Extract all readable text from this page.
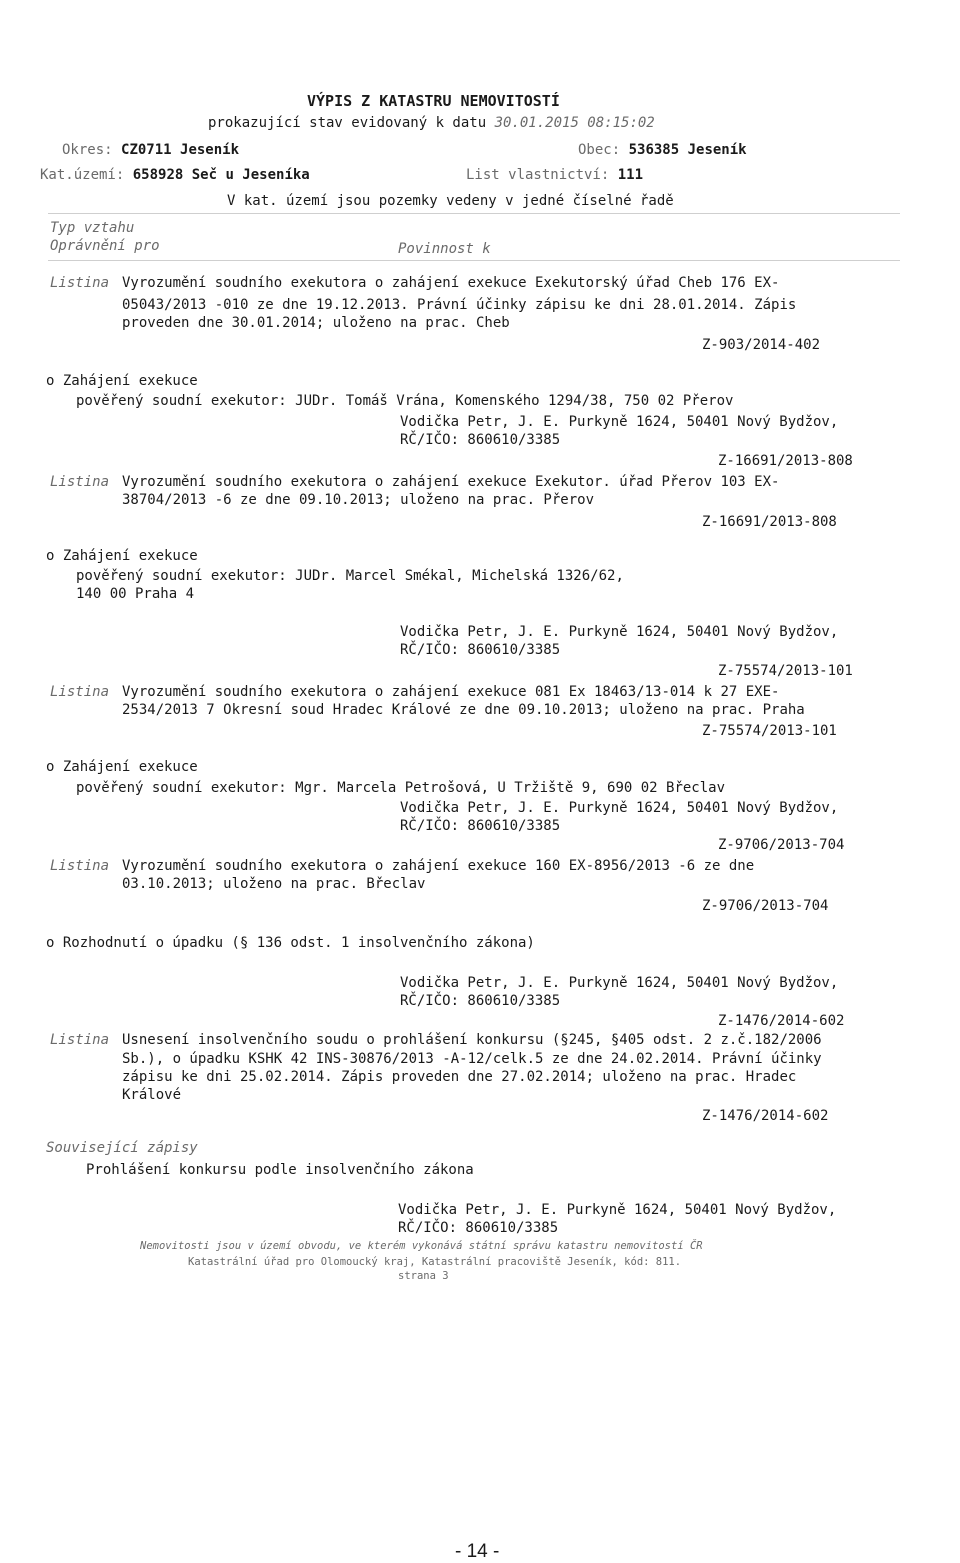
VÝPIS Z KATASTRU NEMOVITOSTÍ
prokazující stav evidovaný k datu 30.01.2015 08:15:02
Okres: CZ0711 Jeseník	Obec: 536385 Jeseník
Kat.území: 658928 Seč u Jeseníka	List vlastnictví: 111
V kat. území jsou pozemky vedeny v jedné číselné řadě
Typ vztahu
Oprávnění pro	Povinnost k
Listina Vyrozumění soudního exekutora o zahájení exekuce Exekutorský úřad Cheb 176 EX-
05043/2013 -010 ze dne 19.12.2013. Právní účinky zápisu ke dni 28.01.2014. Zápis
proveden dne 30.01.2014; uloženo na prac. Cheb
Z-903/2014-402
o Zahájení exekuce
pověřený soudní exekutor: JUDr. Tomáš Vrána, Komenského 1294/38, 750 02 Přerov
Vodička Petr, J. E. Purkyně 1624, 50401 Nový Bydžov,
RČ/IČO: 860610/3385
Z-16691/2013-808
Listina Vyrozumění soudního exekutora o zahájení exekuce Exekutor. úřad Přerov 103 EX-
38704/2013 -6 ze dne 09.10.2013; uloženo na prac. Přerov
Z-16691/2013-808
o Zahájení exekuce
pověřený soudní exekutor: JUDr. Marcel Smékal, Michelská 1326/62,
140 00 Praha 4
Vodička Petr, J. E. Purkyně 1624, 50401 Nový Bydžov,
RČ/IČO: 860610/3385
Z-75574/2013-101
Listina Vyrozumění soudního exekutora o zahájení exekuce 081 Ex 18463/13-014 k 27 EXE-
2534/2013 7 Okresní soud Hradec Králové ze dne 09.10.2013; uloženo na prac. Praha
Z-75574/2013-101
o Zahájení exekuce
pověřený soudní exekutor: Mgr. Marcela Petrošová, U Tržiště 9, 690 02 Břeclav
Vodička Petr, J. E. Purkyně 1624, 50401 Nový Bydžov,
RČ/IČO: 860610/3385
Z-9706/2013-704
Listina Vyrozumění soudního exekutora o zahájení exekuce 160 EX-8956/2013 -6 ze dne
03.10.2013; uloženo na prac. Břeclav
Z-9706/2013-704
o Rozhodnutí o úpadku (§ 136 odst. 1 insolvenčního zákona)
Vodička Petr, J. E. Purkyně 1624, 50401 Nový Bydžov,
RČ/IČO: 860610/3385
Z-1476/2014-602
Listina Usnesení insolvenčního soudu o prohlášení konkursu (§245, §405 odst. 2 z.č.182/2006
Sb.), o úpadku KSHK 42 INS-30876/2013 -A-12/celk.5 ze dne 24.02.2014. Právní účinky
zápisu ke dni 25.02.2014. Zápis proveden dne 27.02.2014; uloženo na prac. Hradec
Králové
Z-1476/2014-602
Související zápisy
Prohlášení konkursu podle insolvenčního zákona
Vodička Petr, J. E. Purkyně 1624, 50401 Nový Bydžov,
RČ/IČO: 860610/3385
Nemovitosti jsou v území obvodu, ve kterém vykonává státní správu katastru nemovitostí ČR
Katastrální úřad pro Olomoucký kraj, Katastrální pracoviště Jeseník, kód: 811.
strana 3
- 14 -
